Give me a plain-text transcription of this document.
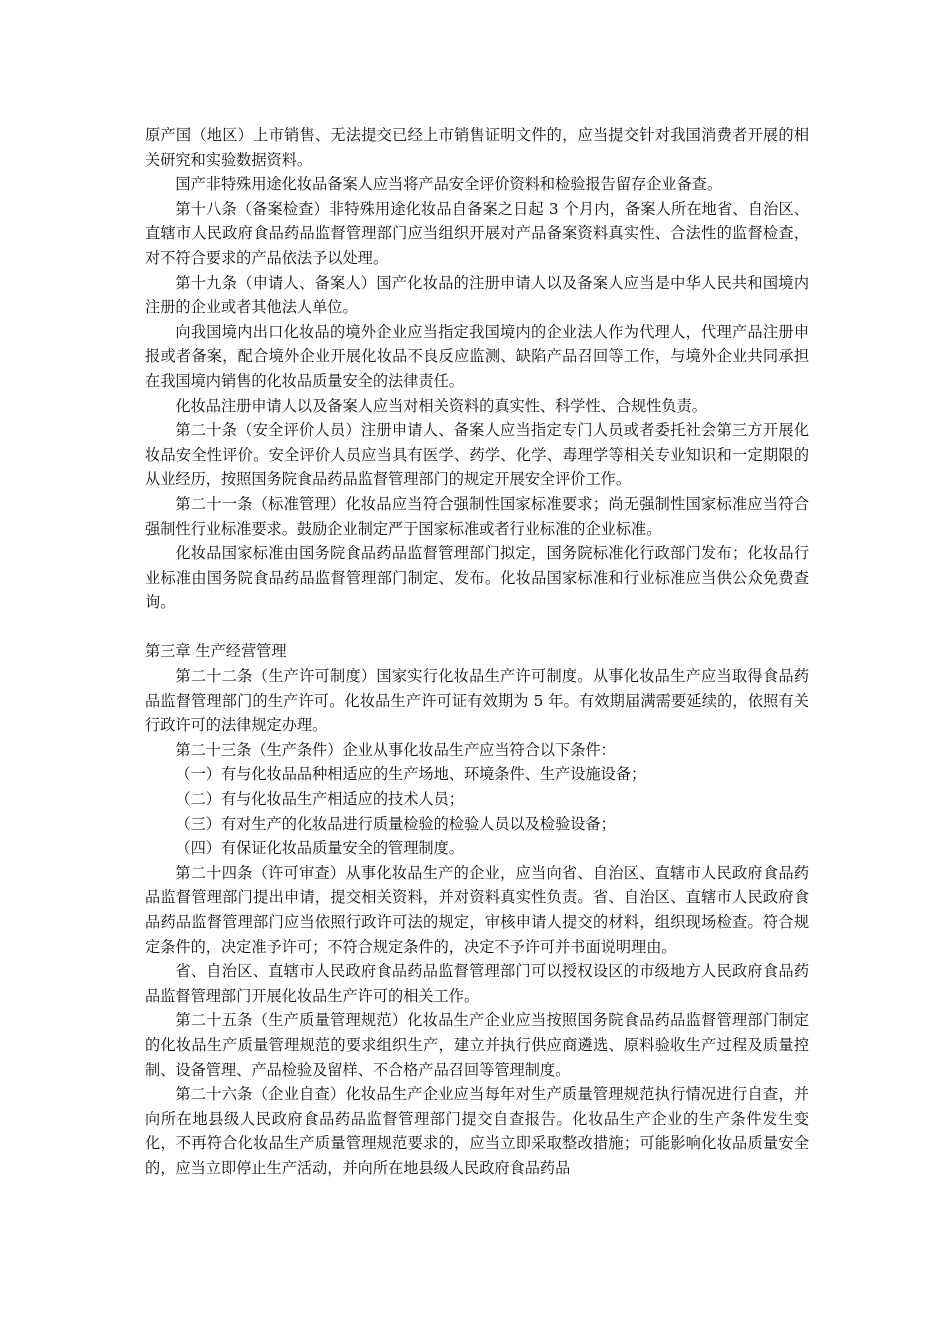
原产国（地区）上市销售、无法提交已经上市销售证明文件的，应当提交针对我国消费者开展的相关研究和实验数据资料。

国产非特殊用途化妆品备案人应当将产品安全评价资料和检验报告留存企业备查。

第十八条（备案检查）非特殊用途化妆品自备案之日起 3 个月内，备案人所在地省、自治区、直辖市人民政府食品药品监督管理部门应当组织开展对产品备案资料真实性、合法性的监督检查，对不符合要求的产品依法予以处理。

第十九条（申请人、备案人）国产化妆品的注册申请人以及备案人应当是中华人民共和国境内注册的企业或者其他法人单位。

向我国境内出口化妆品的境外企业应当指定我国境内的企业法人作为代理人，代理产品注册申报或者备案，配合境外企业开展化妆品不良反应监测、缺陷产品召回等工作，与境外企业共同承担在我国境内销售的化妆品质量安全的法律责任。

化妆品注册申请人以及备案人应当对相关资料的真实性、科学性、合规性负责。

第二十条（安全评价人员）注册申请人、备案人应当指定专门人员或者委托社会第三方开展化妆品安全性评价。安全评价人员应当具有医学、药学、化学、毒理学等相关专业知识和一定期限的从业经历，按照国务院食品药品监督管理部门的规定开展安全评价工作。

第二十一条（标准管理）化妆品应当符合强制性国家标准要求；尚无强制性国家标准应当符合强制性行业标准要求。鼓励企业制定严于国家标准或者行业标准的企业标准。

化妆品国家标准由国务院食品药品监督管理部门拟定，国务院标准化行政部门发布；化妆品行业标准由国务院食品药品监督管理部门制定、发布。化妆品国家标准和行业标准应当供公众免费查询。

第三章 生产经营管理

第二十二条（生产许可制度）国家实行化妆品生产许可制度。从事化妆品生产应当取得食品药品监督管理部门的生产许可。化妆品生产许可证有效期为 5 年。有效期届满需要延续的，依照有关行政许可的法律规定办理。

第二十三条（生产条件）企业从事化妆品生产应当符合以下条件：

（一）有与化妆品品种相适应的生产场地、环境条件、生产设施设备；

（二）有与化妆品生产相适应的技术人员；

（三）有对生产的化妆品进行质量检验的检验人员以及检验设备；

（四）有保证化妆品质量安全的管理制度。

第二十四条（许可审查）从事化妆品生产的企业，应当向省、自治区、直辖市人民政府食品药品监督管理部门提出申请，提交相关资料，并对资料真实性负责。省、自治区、直辖市人民政府食品药品监督管理部门应当依照行政许可法的规定，审核申请人提交的材料，组织现场检查。符合规定条件的，决定准予许可；不符合规定条件的，决定不予许可并书面说明理由。

省、自治区、直辖市人民政府食品药品监督管理部门可以授权设区的市级地方人民政府食品药品监督管理部门开展化妆品生产许可的相关工作。

第二十五条（生产质量管理规范）化妆品生产企业应当按照国务院食品药品监督管理部门制定的化妆品生产质量管理规范的要求组织生产，建立并执行供应商遴选、原料验收生产过程及质量控制、设备管理、产品检验及留样、不合格产品召回等管理制度。

第二十六条（企业自查）化妆品生产企业应当每年对生产质量管理规范执行情况进行自查，并向所在地县级人民政府食品药品监督管理部门提交自查报告。化妆品生产企业的生产条件发生变化，不再符合化妆品生产质量管理规范要求的，应当立即采取整改措施；可能影响化妆品质量安全的，应当立即停止生产活动，并向所在地县级人民政府食品药品
